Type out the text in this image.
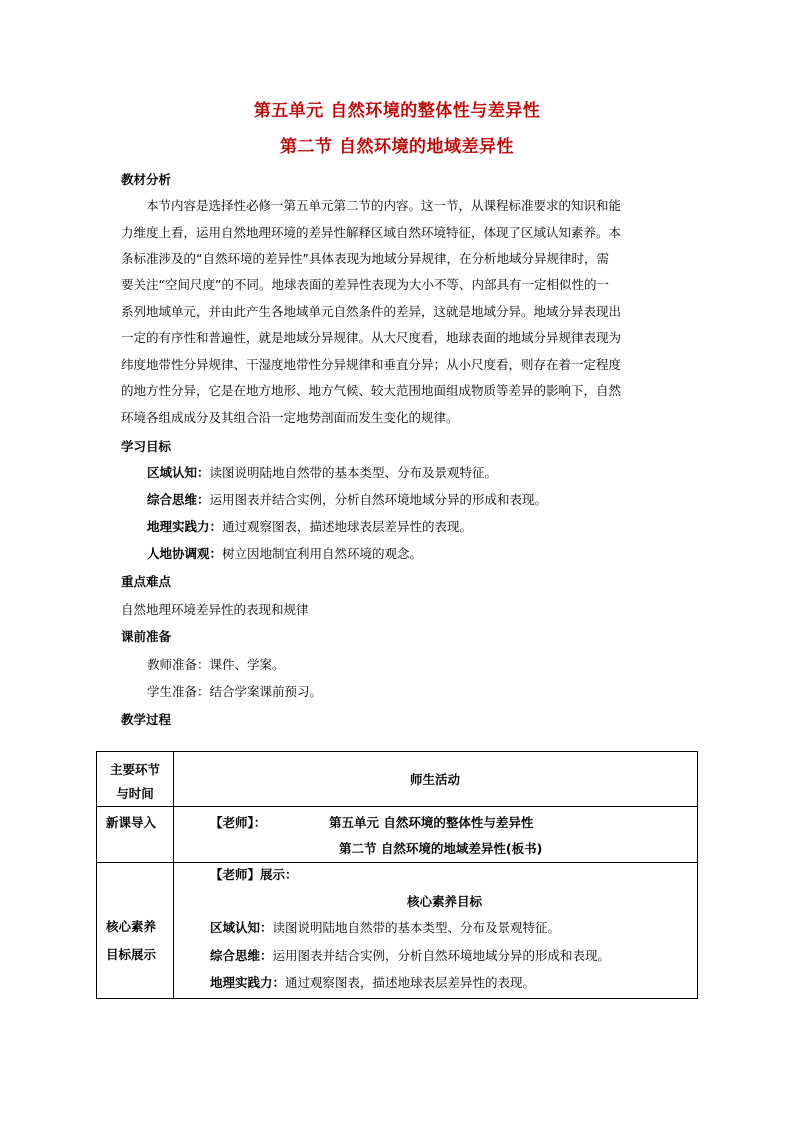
第五单元 自然环境的整体性与差异性
第二节 自然环境的地域差异性
教材分析
本节内容是选择性必修一第五单元第二节的内容。这一节，从课程标准要求的知识和能
力维度上看，运用自然地理环境的差异性解释区域自然环境特征，体现了区域认知素养。本
条标准涉及的“自然环境的差异性”具体表现为地域分异规律，在分析地域分异规律时，需
要关注“空间尺度”的不同。地球表面的差异性表现为大小不等、内部具有一定相似性的一
系列地域单元，并由此产生各地域单元自然条件的差异，这就是地域分异。地域分异表现出
一定的有序性和普遍性，就是地域分异规律。从大尺度看，地球表面的地域分异规律表现为
纬度地带性分异规律、干湿度地带性分异规律和垂直分异；从小尺度看，则存在着一定程度
的地方性分异，它是在地方地形、地方气候、较大范围地面组成物质等差异的影响下，自然
环境各组成成分及其组合沿一定地势剖面而发生变化的规律。
学习目标
区域认知：读图说明陆地自然带的基本类型、分布及景观特征。
综合思维：运用图表并结合实例，分析自然环境地域分异的形成和表现。
地理实践力：通过观察图表，描述地球表层差异性的表现。
人地协调观：树立因地制宜利用自然环境的观念。
重点难点
自然地理环境差异性的表现和规律
课前准备
教师准备：课件、学案。
学生准备：结合学案课前预习。
教学过程
主要环节
与时间
师生活动
新课导入	【老师】：	第五单元 自然环境的整体性与差异性
第二节 自然环境的地域差异性(板书)
核心素养
目标展示
【老师】展示：
核心素养目标
区域认知：读图说明陆地自然带的基本类型、分布及景观特征。
综合思维：运用图表并结合实例，分析自然环境地域分异的形成和表现。
地理实践力：通过观察图表，描述地球表层差异性的表现。
